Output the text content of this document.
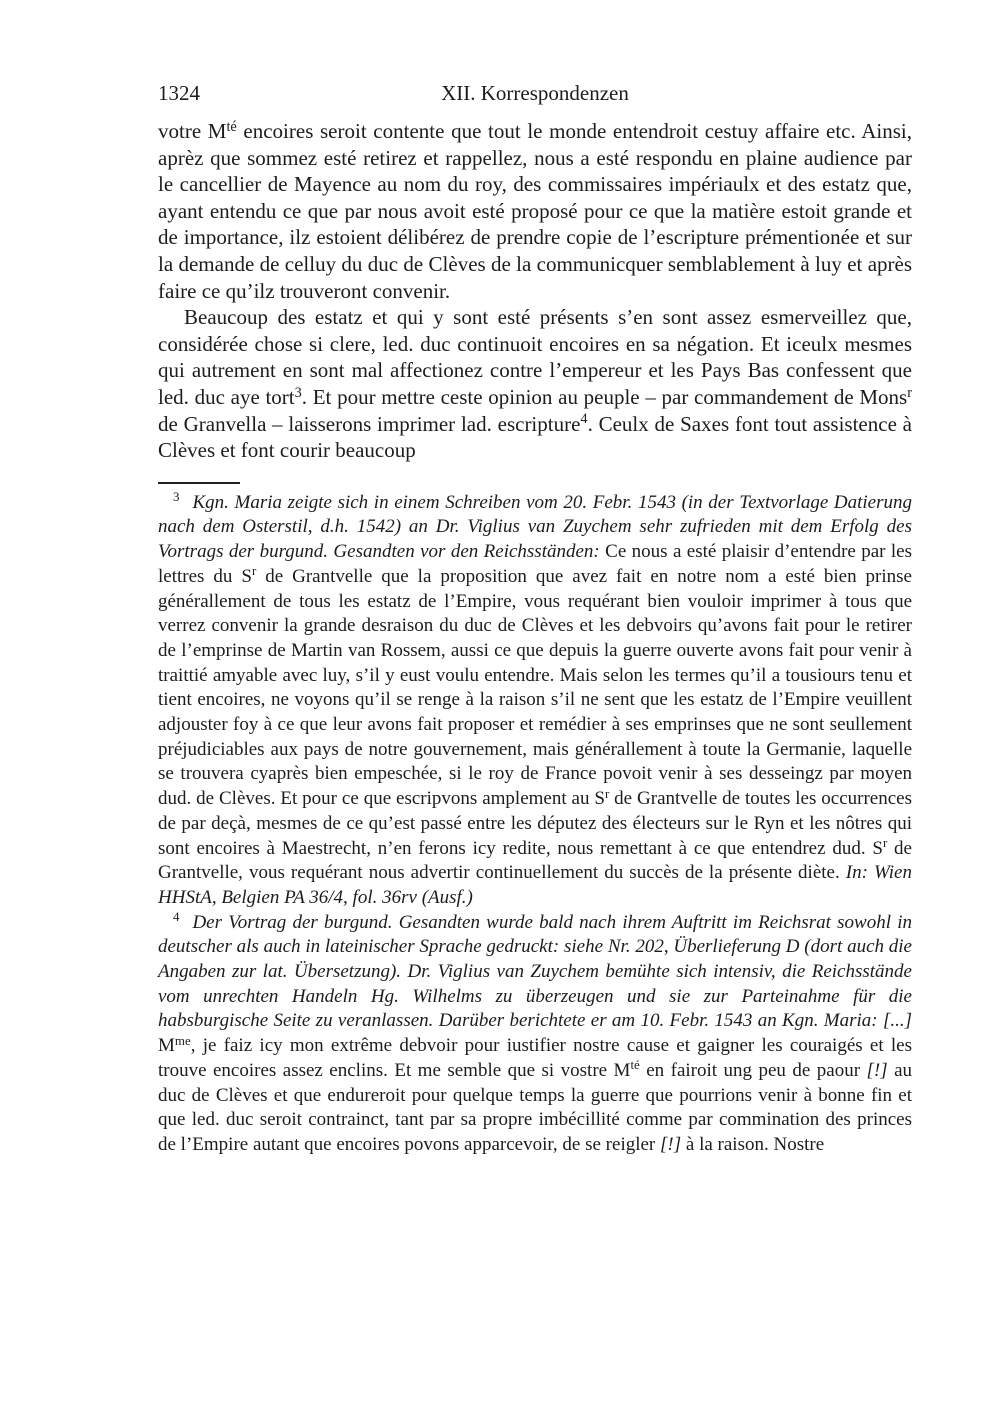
1324	XII. Korrespondenzen

votre $M^{té}$ encoires seroit contente que tout le monde entendroit cestuy affaire etc. Ainsi, aprèz que sommez esté retirez et rappellez, nous a esté respondu en plaine audience par le cancellier de Mayence au nom du roy, des commissaires impériaulx et des estatz que, ayant entendu ce que par nous avoit esté proposé pour ce que la matière estoit grande et de importance, ilz estoient délibérez de prendre copie de l’escripture prémentionée et sur la demande de celluy du duc de Clèves de la communicquer semblablement à luy et après faire ce qu’ilz trouveront convenir.

Beaucoup des estatz et qui y sont esté présents s’en sont assez esmerveillez que, considérée chose si clere, led. duc continuoit encoires en sa négation. Et iceulx mesmes qui autrement en sont mal affectionez contre l’empereur et les Pays Bas confessent que led. duc aye tort$^3$. Et pour mettre ceste opinion au peuple – par commandement de Mons$^r$ de Granvella – laisserons imprimer lad. escripture$^4$. Ceulx de Saxes font tout assistence à Clèves et font courir beaucoup

$^3$ Kgn. Maria zeigte sich in einem Schreiben vom 20. Febr. 1543 (in der Textvorlage Datierung nach dem Osterstil, d.h. 1542) an Dr. Viglius van Zuychem sehr zufrieden mit dem Erfolg des Vortrags der burgund. Gesandten vor den Reichsständen: Ce nous a esté plaisir d’entendre par les lettres du $S^r$ de Grantvelle que la proposition que avez fait en notre nom a esté bien prinse générallement de tous les estatz de l’Empire, vous requérant bien vouloir imprimer à tous que verrez convenir la grande desraison du duc de Clèves et les debvoirs qu’avons fait pour le retirer de l’emprinse de Martin van Rossem, aussi ce que depuis la guerre ouverte avons fait pour venir à traittié amyable avec luy, s’il y eust voulu entendre. Mais selon les termes qu’il a tousiours tenu et tient encoires, ne voyons qu’il se renge à la raison s’il ne sent que les estatz de l’Empire veuillent adjouster foy à ce que leur avons fait proposer et remédier à ses emprinses que ne sont seullement préjudiciables aux pays de notre gouvernement, mais générallement à toute la Germanie, laquelle se trouvera cyaprès bien empeschée, si le roy de France povoit venir à ses desseingz par moyen dud. de Clèves. Et pour ce que escripvons amplement au $S^r$ de Grantvelle de toutes les occurrences de par deçà, mesmes de ce qu’est passé entre les députez des électeurs sur le Ryn et les nôtres qui sont encoires à Maestrecht, n’en ferons icy redite, nous remettant à ce que entendrez dud. $S^r$ de Grantvelle, vous requérant nous advertir continuellement du succès de la présente diète. In: Wien HHStA, Belgien PA 36/4, fol. 36rv (Ausf.)

$^4$ Der Vortrag der burgund. Gesandten wurde bald nach ihrem Auftritt im Reichsrat sowohl in deutscher als auch in lateinischer Sprache gedruckt: siehe Nr. 202, Überlieferung D (dort auch die Angaben zur lat. Übersetzung). Dr. Viglius van Zuychem bemühte sich intensiv, die Reichsstände vom unrechten Handeln Hg. Wilhelms zu überzeugen und sie zur Parteinahme für die habsburgische Seite zu veranlassen. Darüber berichtete er am 10. Febr. 1543 an Kgn. Maria: [...] $M^{me}$, je faiz icy mon extrême debvoir pour iustifier nostre cause et gaigner les couraigés et les trouve encoires assez enclins. Et me semble que si vostre $M^{té}$ en fairoit ung peu de paour [!] au duc de Clèves et que endureroit pour quelque temps la guerre que pourrions venir à bonne fin et que led. duc seroit contrainct, tant par sa propre imbécillité comme par commination des princes de l’Empire autant que encoires povons apparcevoir, de se reigler [!] à la raison. Nostre
